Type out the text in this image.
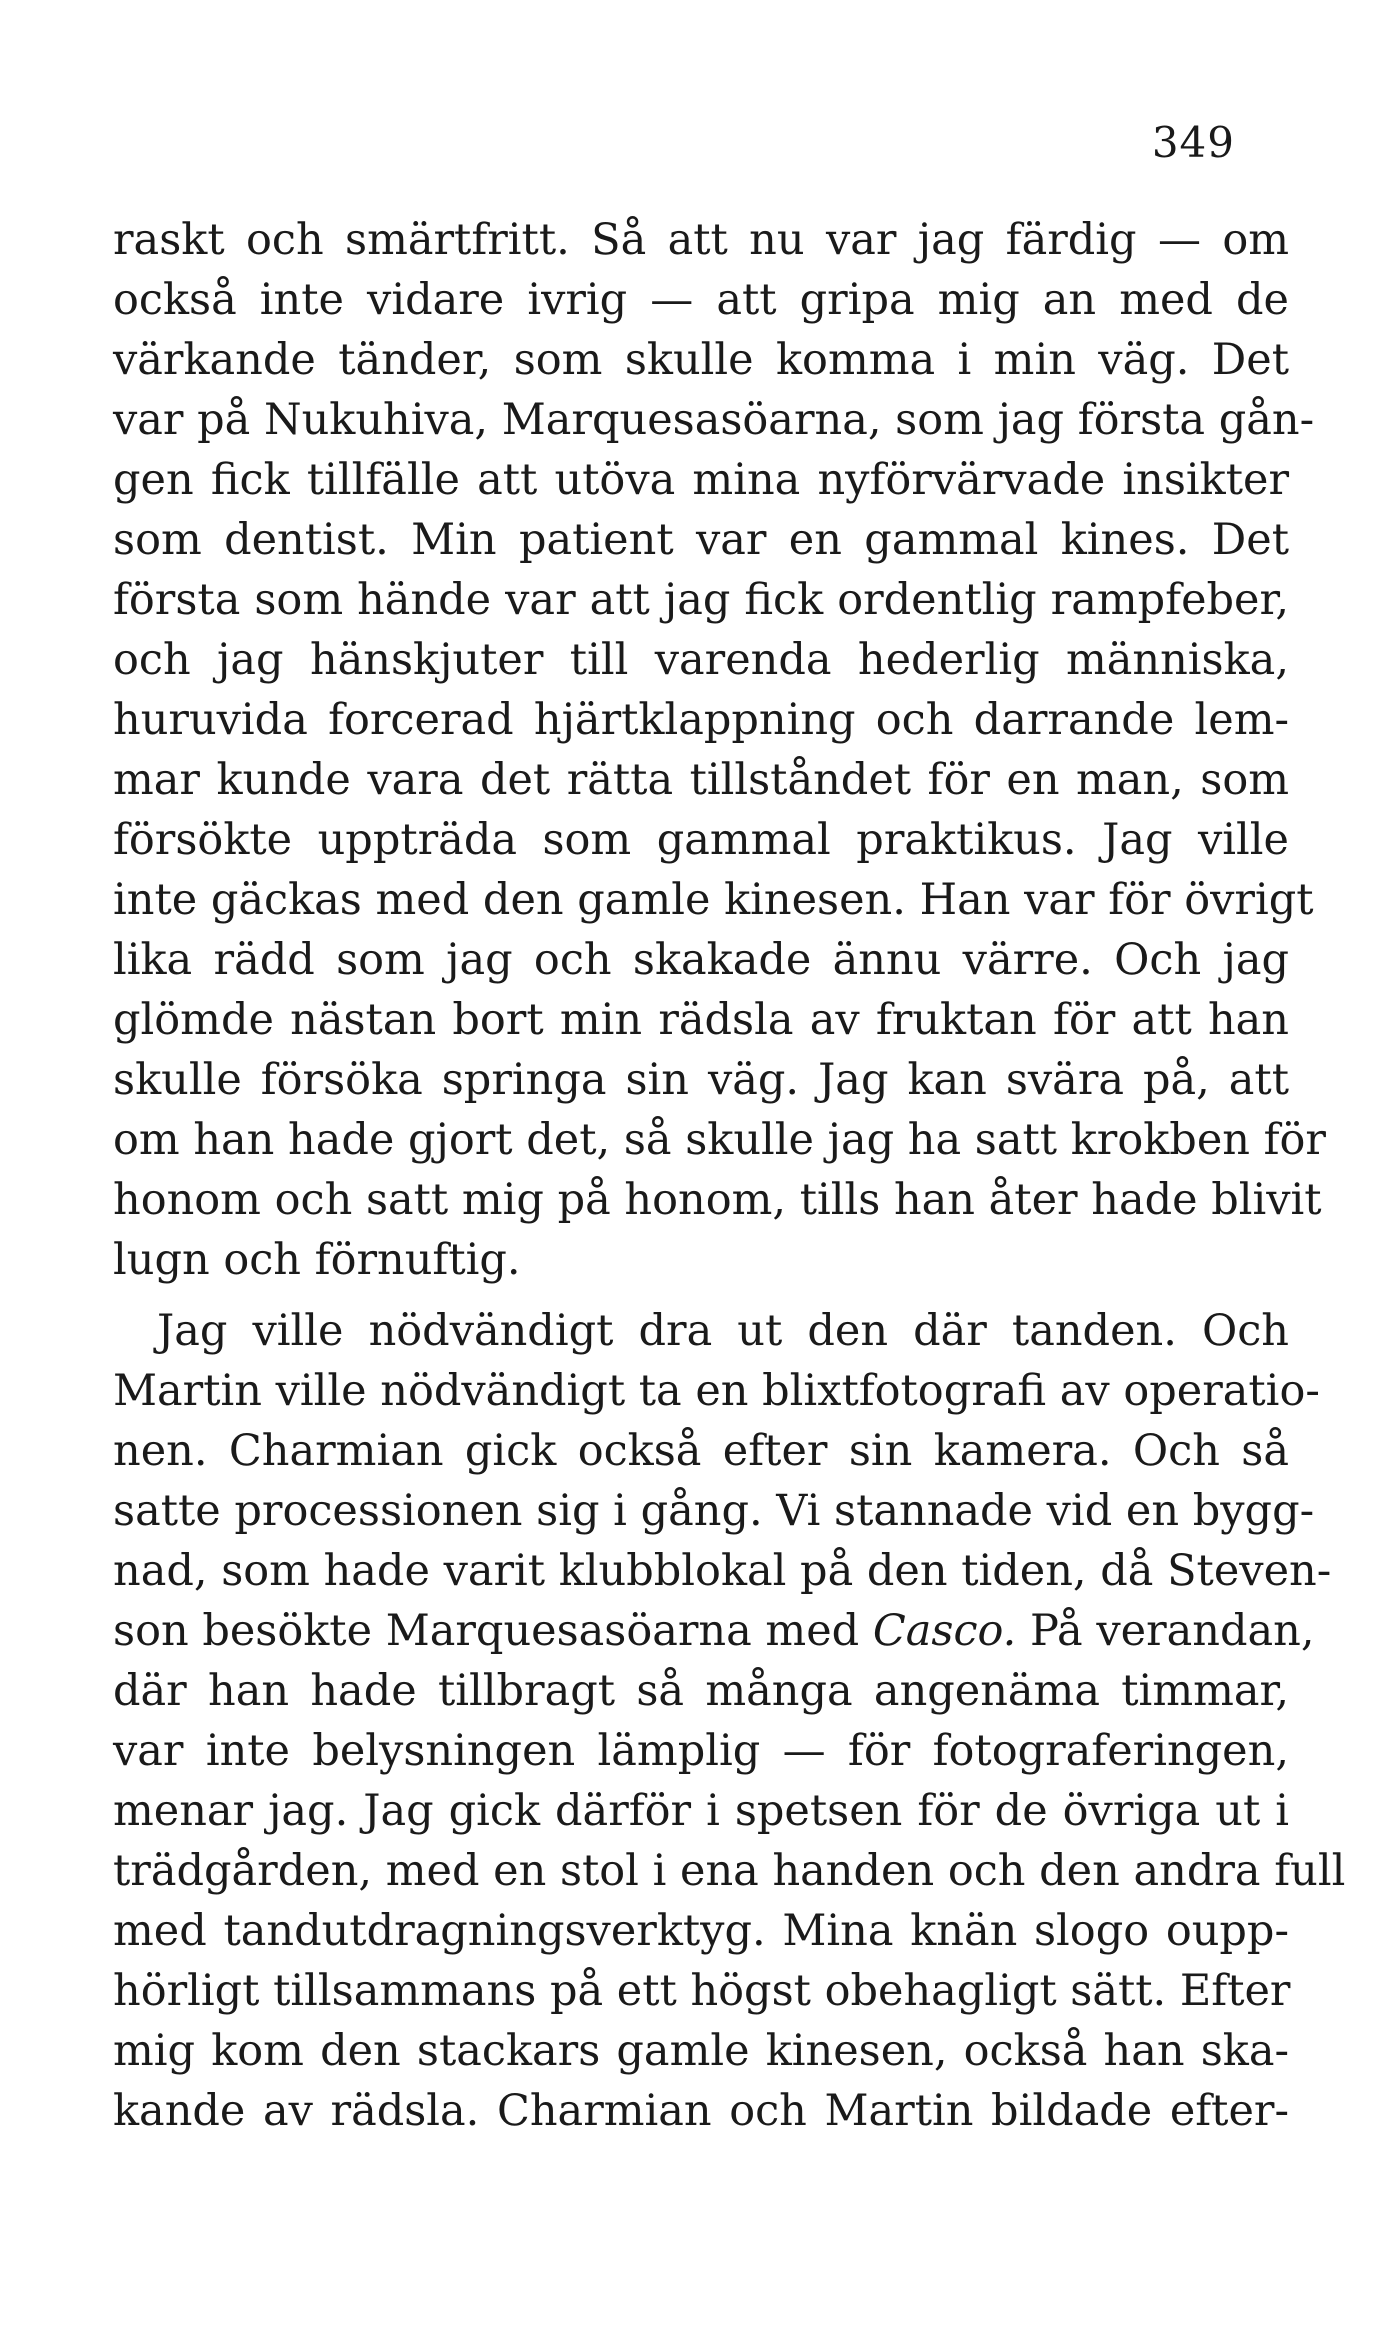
349
raskt och smärtfritt. Så att nu var jag färdig — om
också inte vidare ivrig — att gripa mig an med de
värkande tänder, som skulle komma i min väg. Det
var på Nukuhiva, Marquesasöarna, som jag första gån-
gen fick tillfälle att utöva mina nyförvärvade insikter
som dentist. Min patient var en gammal kines. Det
första som hände var att jag fick ordentlig rampfeber,
och jag hänskjuter till varenda hederlig människa,
huruvida forcerad hjärtklappning och darrande lem-
mar kunde vara det rätta tillståndet för en man, som
försökte uppträda som gammal praktikus. Jag ville
inte gäckas med den gamle kinesen. Han var för övrigt
lika rädd som jag och skakade ännu värre. Och jag
glömde nästan bort min rädsla av fruktan för att han
skulle försöka springa sin väg. Jag kan svära på, att
om han hade gjort det, så skulle jag ha satt krokben för
honom och satt mig på honom, tills han åter hade blivit
lugn och förnuftig.
Jag ville nödvändigt dra ut den där tanden. Och
Martin ville nödvändigt ta en blixtfotografi av operatio-
nen. Charmian gick också efter sin kamera. Och så
satte processionen sig i gång. Vi stannade vid en bygg-
nad, som hade varit klubblokal på den tiden, då Steven-
son besökte Marquesasöarna med Casco. På verandan,
där han hade tillbragt så många angenäma timmar,
var inte belysningen lämplig — för fotograferingen,
menar jag. Jag gick därför i spetsen för de övriga ut i
trädgården, med en stol i ena handen och den andra full
med tandutdragningsverktyg. Mina knän slogo oupp-
hörligt tillsammans på ett högst obehagligt sätt. Efter
mig kom den stackars gamle kinesen, också han ska-
kande av rädsla. Charmian och Martin bildade efter-
